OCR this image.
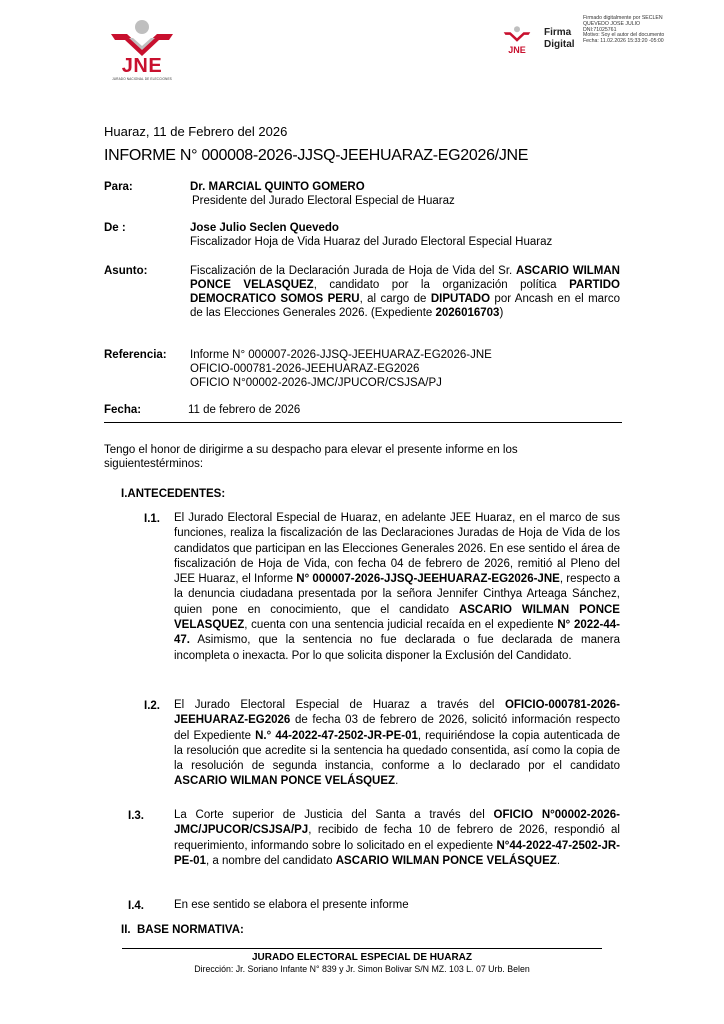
JNE
JURADO NACIONAL DE ELECCIONES
JNE
Firma
Digital
Firmado digitalmente por SECLEN
QUEVEDO JOSE JULIO
DNI:71025761
Motivo: Soy el autor del documento
Fecha: 11.02.2026 15:33:20 -05:00
Huaraz, 11 de Febrero del 2026
INFORME N° 000008-2026-JJSQ-JEEHUARAZ-EG2026/JNE
Para:	Dr. MARCIAL QUINTO GOMERO
Presidente del Jurado Electoral Especial de Huaraz
De :	Jose Julio Seclen Quevedo
Fiscalizador Hoja de Vida Huaraz del Jurado Electoral Especial Huaraz
Asunto:	Fiscalización de la Declaración Jurada de Hoja de Vida del Sr. ASCARIO WILMAN PONCE VELASQUEZ, candidato por la organización política PARTIDO DEMOCRATICO SOMOS PERU, al cargo de DIPUTADO por Ancash en el marco de las Elecciones Generales 2026. (Expediente 2026016703)
Referencia: Informe N° 000007-2026-JJSQ-JEEHUARAZ-EG2026-JNE
OFICIO-000781-2026-JEEHUARAZ-EG2026
OFICIO N°00002-2026-JMC/JPUCOR/CSJSA/PJ
Fecha:	11 de febrero de 2026
Tengo el honor de dirigirme a su despacho para elevar el presente informe en los siguientestérminos:
I.ANTECEDENTES:
I.1. El Jurado Electoral Especial de Huaraz, en adelante JEE Huaraz, en el marco de sus funciones, realiza la fiscalización de las Declaraciones Juradas de Hoja de Vida de los candidatos que participan en las Elecciones Generales 2026. En ese sentido el área de fiscalización de Hoja de Vida, con fecha 04 de febrero de 2026, remitió al Pleno del JEE Huaraz, el Informe N° 000007-2026-JJSQ-JEEHUARAZ-EG2026-JNE, respecto a la denuncia ciudadana presentada por la señora Jennifer Cinthya Arteaga Sánchez, quien pone en conocimiento, que el candidato ASCARIO WILMAN PONCE VELASQUEZ, cuenta con una sentencia judicial recaída en el expediente N° 2022-44-47. Asimismo, que la sentencia no fue declarada o fue declarada de manera incompleta o inexacta. Por lo que solicita disponer la Exclusión del Candidato.
I.2. El Jurado Electoral Especial de Huaraz a través del OFICIO-000781-2026-JEEHUARAZ-EG2026 de fecha 03 de febrero de 2026, solicitó información respecto del Expediente N.° 44-2022-47-2502-JR-PE-01, requiriéndose la copia autenticada de la resolución que acredite si la sentencia ha quedado consentida, así como la copia de la resolución de segunda instancia, conforme a lo declarado por el candidato ASCARIO WILMAN PONCE VELÁSQUEZ.
I.3.	La Corte superior de Justicia del Santa a través del OFICIO N°00002-2026-JMC/JPUCOR/CSJSA/PJ, recibido de fecha 10 de febrero de 2026, respondió al requerimiento, informando sobre lo solicitado en el expediente N°44-2022-47-2502-JR-PE-01, a nombre del candidato ASCARIO WILMAN PONCE VELÁSQUEZ.
I.4.	En ese sentido se elabora el presente informe
II.  BASE NORMATIVA:
JURADO ELECTORAL ESPECIAL DE HUARAZ
Dirección: Jr. Soriano Infante N° 839 y Jr. Simon Bolivar S/N MZ. 103 L. 07 Urb. Belen
